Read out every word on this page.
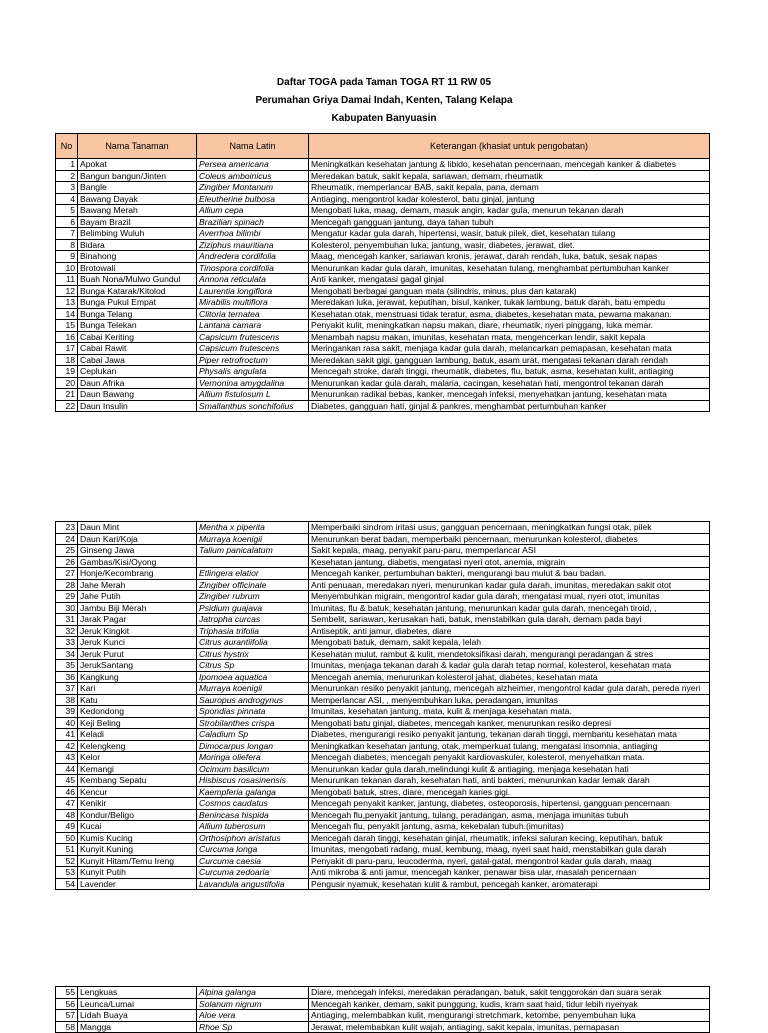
Daftar TOGA pada Taman TOGA RT 11 RW 05
Perumahan Griya Damai Indah, Kenten, Talang Kelapa
Kabupaten Banyuasin
No	Nama Tanaman	Nama Latin	Keterangan (khasiat untuk pengobatan)
1	Apokat	Persea americana	Meningkatkan kesehatan jantung & libido, kesehatan pencernaan, mencegah kanker & diabetes
2	Bangun bangun/Jinten	Coleus amboinicus	Meredakan batuk, sakit kepala, sariawan, demam, rheumatik
3	Bangle	Zingiber Montanum	Rheumatik, memperlancar BAB, sakit kepala, pana, demam
4	Bawang Dayak	Eleutherine bulbosa	Antiaging, mengontrol kadar kolesterol, batu ginjal, jantung
5	Bawang Merah	Allium cepa	Mengobati luka, maag, demam, masuk angin, kadar gula, menurun tekanan darah
6	Bayam Brazil	Brazilian spinach	Mencegah gangguan jantung, daya tahan tubuh
7	Belimbing Wuluh	Averrhoa bilimbi	Mengatur kadar gula darah, hipertensi, wasir, batuk pilek, diet, kesehatan tulang
8	Bidara	Ziziphus mauritiana	Kolesterol, penyembuhan luka, jantung, wasir, diabetes, jerawat, diet.
9	Binahong	Andredera cordifolia	Maag, mencegah kanker, sariawan kronis, jerawat, darah rendah, luka, batuk, sesak napas
10	Brotowali	Tinospora cordifolia	Menurunkan kadar gula darah, imunitas, kesehatan tulang, menghambat pertumbuhan kanker
11	Buah Nona/Mulwo Gundul	Annona reticulata	Anti kanker, mengatasi gagal ginjal
12	Bunga Katarak/Kitolod	Laurentia longiflora	Mengobati berbagai ganguan mata (silindris, minus, plus dan katarak)
13	Bunga Pukul Empat	Mirabilis multiflora	Meredakan luka, jerawat, keputihan, bisul, kanker, tukak lambung, batuk darah, batu empedu
14	Bunga Telang	Clitoria ternatea	Kesehatan otak, menstruasi tidak teratur, asma, diabetes, kesehatan mata, pewarna makanan.
15	Bunga Telekan	Lantana camara	Penyakit kulit, meningkatkan napsu makan, diare, rheumatik, nyeri pinggang, luka memar.
16	Cabai Keriting	Capsicum frutescens	Menambah napsu makan, imunitas, kesehatan mata, mengencerkan lendir, sakit kepala
17	Cabai Rawit	Capsicum frutescens	Meringankan rasa sakit, menjaga kadar gula darah, melancarkan pemapasan, kesehatan mata
18	Cabai Jawa	Piper retrofroctum	Meredakan sakit gigi, gangguan lambung, batuk, asam urat, mengatasi tekanan darah rendah
19	Ceplukan	Physalis angulata	Mencegah stroke, darah tinggi, rheumatik, diabetes, flu, batuk, asma, kesehatan kulit, antiaging
20	Daun Afrika	Vernonina amygdalina	Menurunkan kadar gula darah, malaria, cacingan, kesehatan hati, mengontrol tekanan darah
21	Daun Bawang	Allium fistulosum L	Menurunkan radikal bebas, kanker, mencegah infeksi, menyehatkan jantung, kesehatan mata
22	Daun Insulin	Smallanthus sonchifolius	Diabetes, gangguan hati, ginjal & pankres, menghambat pertumbuhan kanker
23	Daun Mint	Mentha x piperita	Memperbaiki sindrom iritasi usus, gangguan pencernaan, meningkatkan fungsi otak, pilek
24	Daun Kari/Koja	Murraya koenigii	Menurunkan berat badan, memperbaiki pencernaan, menurunkan kolesterol, diabetes
25	Ginseng Jawa	Talium panicalatum	Sakit kepala, maag, penyakit paru-paru, memperlancar ASI
26	Gambas/Kisi/Oyong		Kesehatan jantung, diabetis, mengatasi nyeri otot, anemia, migrain
27	Honje/Kecombrang	Etlingera elatior	Mencegah kanker, pertumbuhan bakteri, mengurangi bau mulut & bau badan.
28	Jahe Merah	Zingiber officinale	Anti penuaan, meredakan nyeri, menurunkan kadar gula darah, imunitas, meredakan sakit otot
29	Jahe Putih	Zingiber rubrum	Menyembuhkan migrain, mengontrol kadar gula darah, mengatasi mual, nyeri otot, imunitas
30	Jambu Biji Merah	Psidium guajava	Imunitas, flu & batuk, kesehatan jantung, menurunkan kadar gula darah, mencegah tiroid, ,
31	Jarak Pagar	Jatropha curcas	Sembelit, sariawan, kerusakan hati, batuk, menstabilkan gula darah, demam pada bayi
32	Jeruk Kingkit	Triphasia trifolia	Antiseptik, anti jamur, diabetes, diare
33	Jeruk Kunci	Citrus aurantiifolia	Mengobati batuk, demam, sakit kepala, lelah
34	Jeruk Purut	Citrus hystrix	Kesehatan mulut, rambut & kulit, mendetoksifikasi darah, mengurangi peradangan & stres
35	JerukSantang	Citrus Sp	Imunitas, menjaga tekanan darah & kadar gula darah tetap normal, kolesterol, kesehatan mata
36	Kangkung	Ipomoea aquatica	Mencegah anemia, menurunkan kolesterol jahat, diabetes, kesehatan mata
37	Kari	Murraya koenigii	Menurunkan resiko penyakit jantung, mencegah alzheimer, mengontrol kadar gula darah, pereda nyeri
38	Katu	Sauropus androgynus	Memperlancar ASI, , menyembuhkan luka, peradangan, imunitas
39	Kedondong	Spondias pinnata	Imunitas, kesehatan jantung, mata, kulit & menjaga kesehatan mata.
40	Keji Beling	Strobilanthes crispa	Mengobati batu ginjal, diabetes, mencegah kanker, menurunkan resiko depresi
41	Keladi	Caladium Sp	Diabetes, mengurangi resiko penyakit jantung, tekanan darah tinggi, membantu kesehatan mata
42	Kelengkeng	Dimocarpus longan	Meningkatkan kesehatan jantung, otak, memperkuat tulang, mengatasi insomnia, antiaging
43	Kelor	Moringa oliefera	Mencegah diabetes, mencegah penyakit kardiovaskuler, kolesterol, menyehatkan mata.
44	Kemangi	Ocimum basilicum	Menurunkan kadar gula darah,melindungi kulit & antiaging, menjaga kesehatan hati
45	Kembang Sepatu	Hisbiscus rosasinensis	Menurunkan tekanan darah, kesehatan hati, anti bakteri, menurunkan kadar lemak darah
46	Kencur	Kaempferia galanga	Mengobati batuk, stres, diare, mencegah karies gigi.
47	Kenikir	Cosmos caudatus	Mencegah penyakit kanker, jantung, diabetes, osteoporosis, hipertensi, gangguan pencernaan
48	Kondur/Beligo	Benincasa hispida	Mencegah flu,penyakit jantung, tulang, peradangan, asma, menjaga imunitas tubuh
49	Kucai	Allium tuberosum	Mencegah flu, penyakit jantung, asma, kekebalan tubuh.(imunitas)
50	Kumis Kucing	Orthosiphon aristatus	Mencegah darah tinggi, kesehatan ginjal, rheumatik, infeksi saluran kecing, keputihan, batuk
51	Kunyit Kuning	Curcuma longa	Imunitas, mengobati radang, mual, kembung, maag, nyeri saat haid, menstabilkan gula darah
52	Kunyit Hitam/Temu Ireng	Curcuma caesia	Penyakit di paru-paru, leucoderma, nyeri, gatal-gatal, mengontrol kadar gula darah, maag
53	Kunyit Putih	Curcuma zedoaria	Anti mikroba & anti jamur, mencegah kanker, penawar bisa ular, masalah pencernaan
54	Lavender	Lavandula angustifolia	Pengusir nyamuk, kesehatan kulit & rambut, pencegah kanker, aromaterapi
55	Lengkuas	Alpina galanga	Diare, mencegah infeksi, meredakan peradangan, batuk, sakit tenggorokan dan suara serak
56	Leunca/Lumai	Solanum nigrum	Mencegah kanker, demam, sakit punggung, kudis, kram saat haid, tidur lebih nyenyak
57	Lidah Buaya	Aloe vera	Antiaging, melembabkan kulit, mengurangi stretchmark, ketombe, penyembuhan luka
58	Mangga	Rhoe Sp	Jerawat, melembabkan kulit wajah, antiaging, sakit kepala, imunitas, pernapasan
